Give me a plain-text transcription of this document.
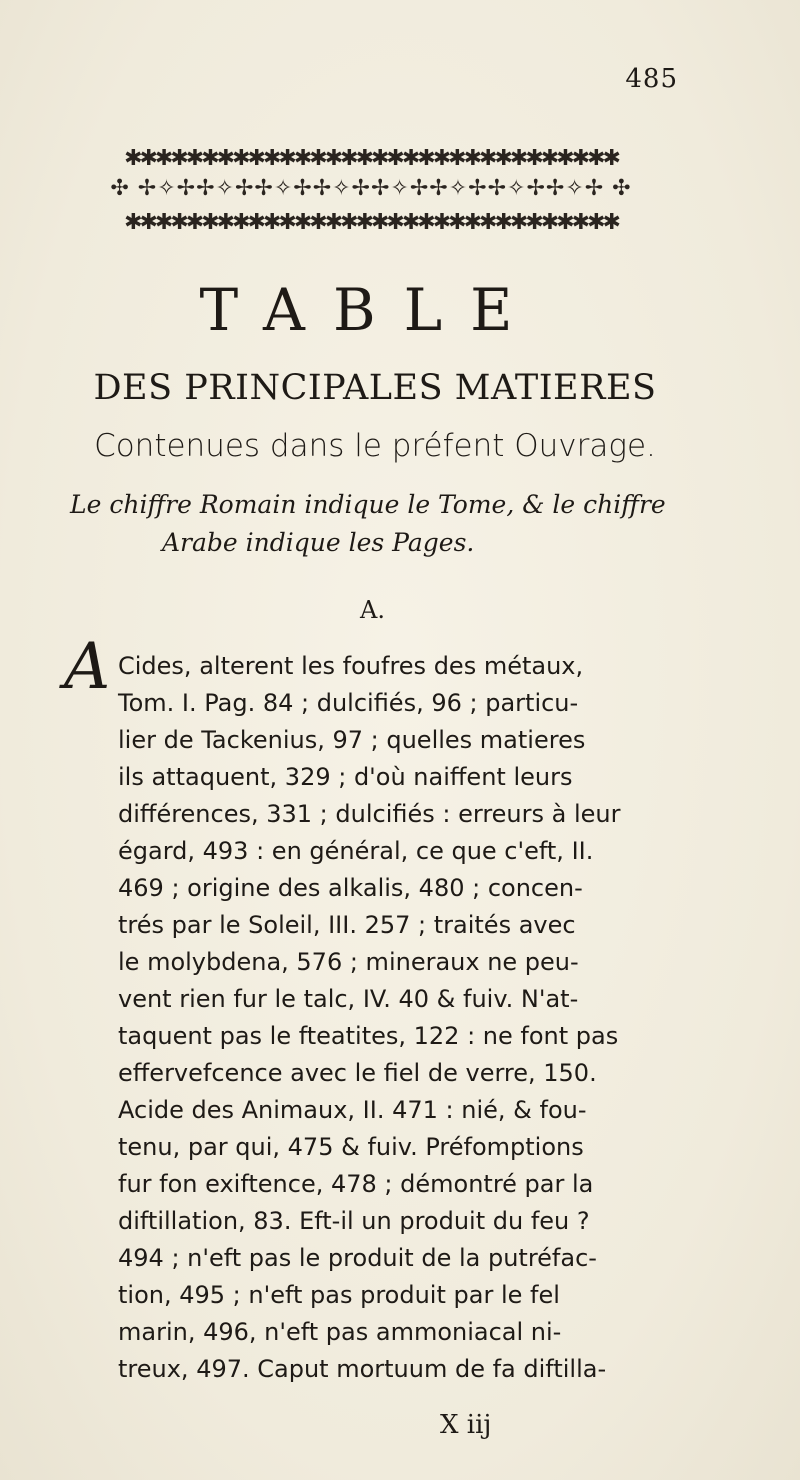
485
✱✱✱✱✱✱✱✱✱✱✱✱✱✱✱✱✱✱✱✱✱✱✱✱✱✱✱✱✱✱✱✱
✣ ✢✧✢✢✧✢✢✧✢✢✧✢✢✧✢✢✧✢✢✧✢✢✧✢ ✣
✱✱✱✱✱✱✱✱✱✱✱✱✱✱✱✱✱✱✱✱✱✱✱✱✱✱✱✱✱✱✱✱
TABLE
DES PRINCIPALES MATIERES
Contenues dans le préfent Ouvrage.
Le chiffre Romain indique le Tome, & le chiffre
Arabe indique les Pages.
A.
A Cides, alterent les foufres des métaux,
Tom. I. Pag. 84 ; dulcifiés, 96 ; particu-
lier de Tackenius, 97 ; quelles matieres
ils attaquent, 329 ; d'où naiffent leurs
différences, 331 ; dulcifiés : erreurs à leur
égard, 493 : en général, ce que c'eft, II.
469 ; origine des alkalis, 480 ; concen-
trés par le Soleil, III. 257 ; traités avec
le molybdena, 576 ; mineraux ne peu-
vent rien fur le talc, IV. 40 & fuiv. N'at-
taquent pas le fteatites, 122 : ne font pas
effervefcence avec le fiel de verre, 150.
Acide des Animaux, II. 471 : nié, & fou-
tenu, par qui, 475 & fuiv. Préfomptions
fur fon exiftence, 478 ; démontré par la
diftillation, 83. Eft-il un produit du feu ?
494 ; n'eft pas le produit de la putréfac-
tion, 495 ; n'eft pas produit par le fel
marin, 496, n'eft pas ammoniacal ni-
treux, 497. Caput mortuum de fa diftilla-
X iij
